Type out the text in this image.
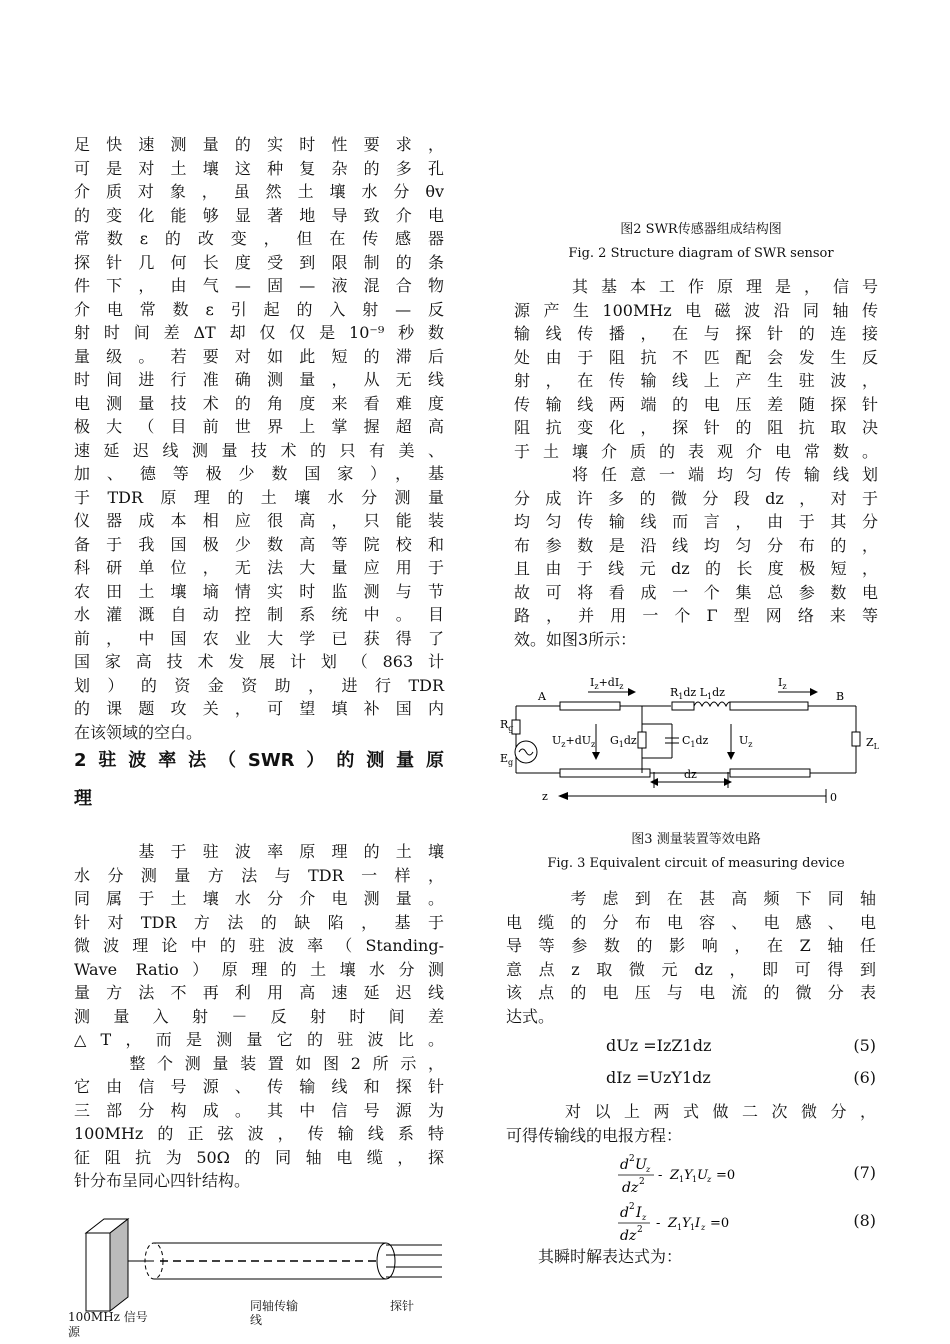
足快速测量的实时性要求，
可是对土壤这种复杂的多孔
介质对象，虽然土壤水分θv
的变化能够显著地导致介电
常数ε的改变，但在传感器
探针几何长度受到限制的条
件下，由气—固—液混合物
介电常数ε引起的入射—反
射时间差ΔT却仅仅是10⁻⁹秒数
量级。若要对如此短的滞后
时间进行准确测量，从无线
电测量技术的角度来看难度
极大（目前世界上掌握超高
速延迟线测量技术的只有美、
加、德等极少数国家），基
于TDR原理的土壤水分测量
仪器成本相应很高，只能装
备于我国极少数高等院校和
科研单位，无法大量应用于
农田土壤墒情实时监测与节
水灌溉自动控制系统中。目
前，中国农业大学已获得了
国家高技术发展计划（863计
划）的资金资助，进行TDR
的课题攻关，可望填补国内
在该领域的空白。
2驻波率法（SWR）的测量原
理
　　基于驻波率原理的土壤
水分测量方法与TDR一样，
同属于土壤水分介电测量。
针对TDR方法的缺陷，基于
微波理论中的驻波率（Standing-
Wave Ratio）原理的土壤水分测
量方法不再利用高速延迟线
测量入射－反射时间差
△T，而是测量它的驻波比。
　　整个测量装置如图2所示，
它由信号源、传输线和探针
三部分构成。其中信号源为
100MHz的正弦波，传输线系特
征阻抗为50Ω的同轴电缆，探
针分布呈同心四针结构。
100MHz 信号
源
同轴传输
线
探针
图2 SWR传感器组成结构图
Fig. 2 Structure diagram of SWR sensor
　　其基本工作原理是，信号
源产生100MHz电磁波沿同轴传
输线传播，在与探针的连接
处由于阻抗不匹配会发生反
射，在传输线上产生驻波，
传输线两端的电压差随探针
阻抗变化，探针的阻抗取决
于土壤介质的表观介电常数。
　　将任意一端均匀传输线划
分成许多的微分段dz，对于
均匀传输线而言，由于其分
布参数是沿线均匀分布的，
且由于线元dz的长度极短，
故可将看成一个集总参数电
路，并用一个Γ型网络来等
效。如图3所示：
$I_z+dI_z$	$R_1dz$ $L_1dz$
$I_z$
A	B
$R_g$
$E_g$
$U_z+dU_z$ $G_1dz$	$C_1dz$	$U_z$	$Z_L$
dz
z	0
图3 测量装置等效电路
Fig. 3 Equivalent circuit of measuring device
　　考虑到在甚高频下同轴
电缆的分布电容、电感、电
导等参数的影响，在Z轴任
意点z取微元dz，即可得到
该点的电压与电流的微分表
达式。
dUz =IzZ1dz	(5)
dIz =UzY1dz	(6)
　　对以上两式做二次微分，
可得传输线的电报方程：
d 2 U z
dz 2 - Z 1 Y 1 U z =0	(7)
d 2 I z
dz 2 - Z 1 Y 1 I z =0	(8)
　　其瞬时解表达式为：
